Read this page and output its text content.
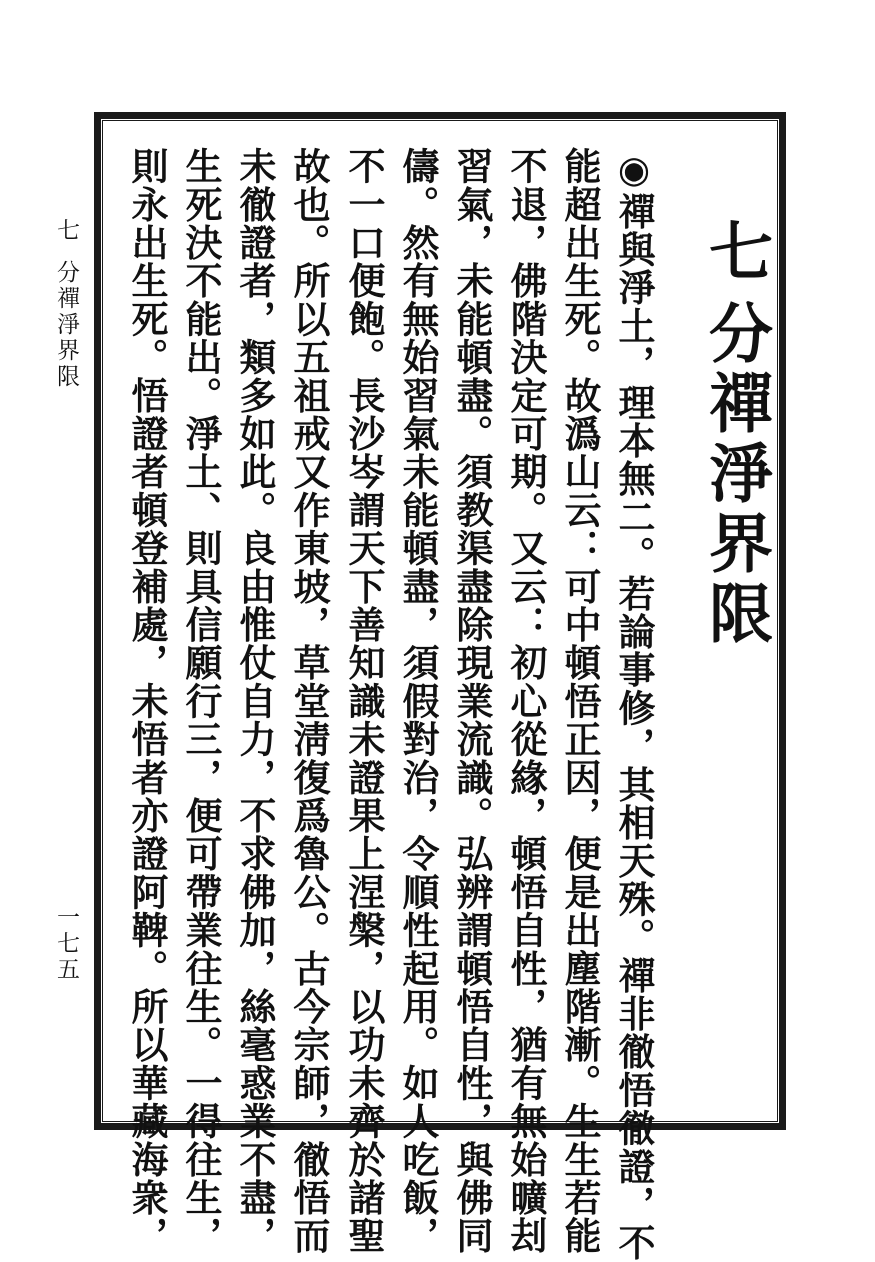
七
分禪淨界限
◉禪與淨土，理本無二。若論事修，其相天殊。禪非徹悟徹證，不
能超出生死。故潙山云：可中頓悟正因，便是出塵階漸。生生若能
不退，佛階決定可期。又云：初心從緣，頓悟自性，猶有無始曠刦
習氣，未能頓盡。須教渠盡除現業流識。弘辨謂頓悟自性，與佛同
儔。然有無始習氣未能頓盡，須假對治，令順性起用。如人吃飯，
不一口便飽。長沙岑謂天下善知識未證果上涅槃，以功未齊於諸聖
故也。所以五祖戒又作東坡，草堂淸復爲魯公。古今宗師，徹悟而
未徹證者，類多如此。良由惟仗自力，不求佛加，絲毫惑業不盡，
生死決不能出。淨土、則具信願行三，便可帶業往生。一得往生，
則永出生死。悟證者頓登補處，未悟者亦證阿鞞。所以華藏海衆，
七分禪淨界限
一七五
